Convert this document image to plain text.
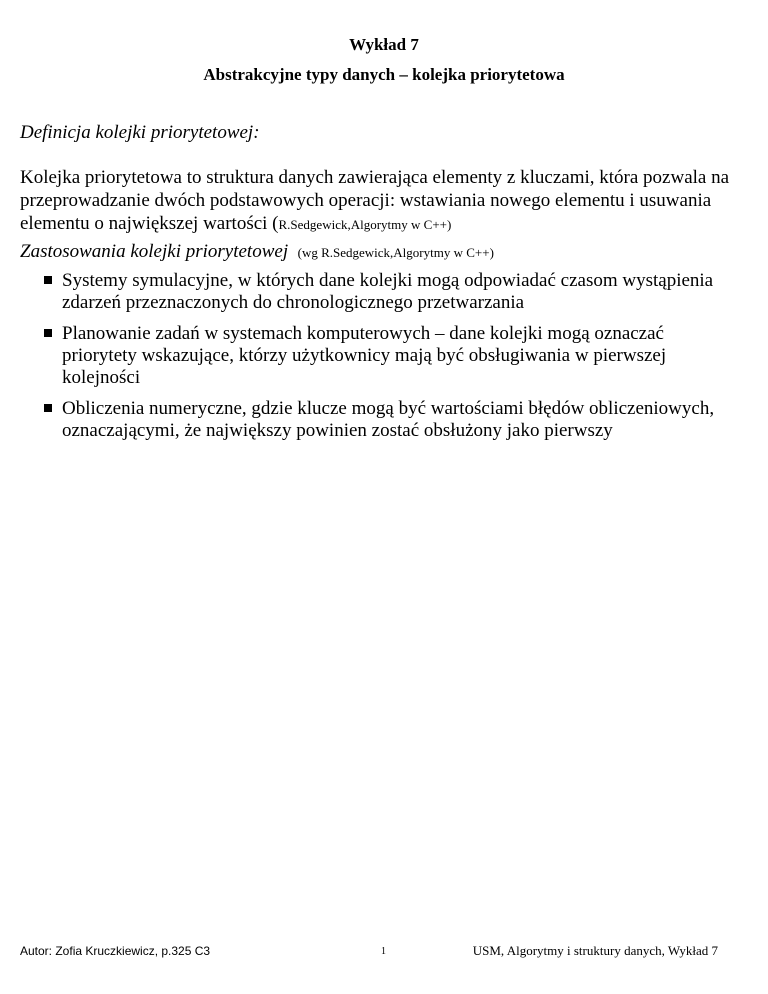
Wykład 7
Abstrakcyjne typy danych – kolejka priorytetowa
Definicja kolejki priorytetowej:
Kolejka priorytetowa to struktura danych zawierająca elementy z kluczami, która pozwala na przeprowadzanie dwóch podstawowych operacji: wstawiania nowego elementu i usuwania elementu o największej wartości (R.Sedgewick,Algorytmy w C++)
Zastosowania kolejki priorytetowej (wg R.Sedgewick,Algorytmy w C++)
Systemy symulacyjne, w których dane kolejki mogą odpowiadać czasom wystąpienia zdarzeń przeznaczonych do chronologicznego przetwarzania
Planowanie zadań w systemach komputerowych – dane kolejki mogą oznaczać priorytety wskazujące, którzy użytkownicy mają być obsługiwania w pierwszej kolejności
Obliczenia numeryczne, gdzie klucze mogą być wartościami błędów obliczeniowych, oznaczającymi, że największy powinien zostać obsłużony jako pierwszy
Autor: Zofia Kruczkiewicz, p.325 C3	1	USM, Algorytmy i struktury danych, Wykład 7
